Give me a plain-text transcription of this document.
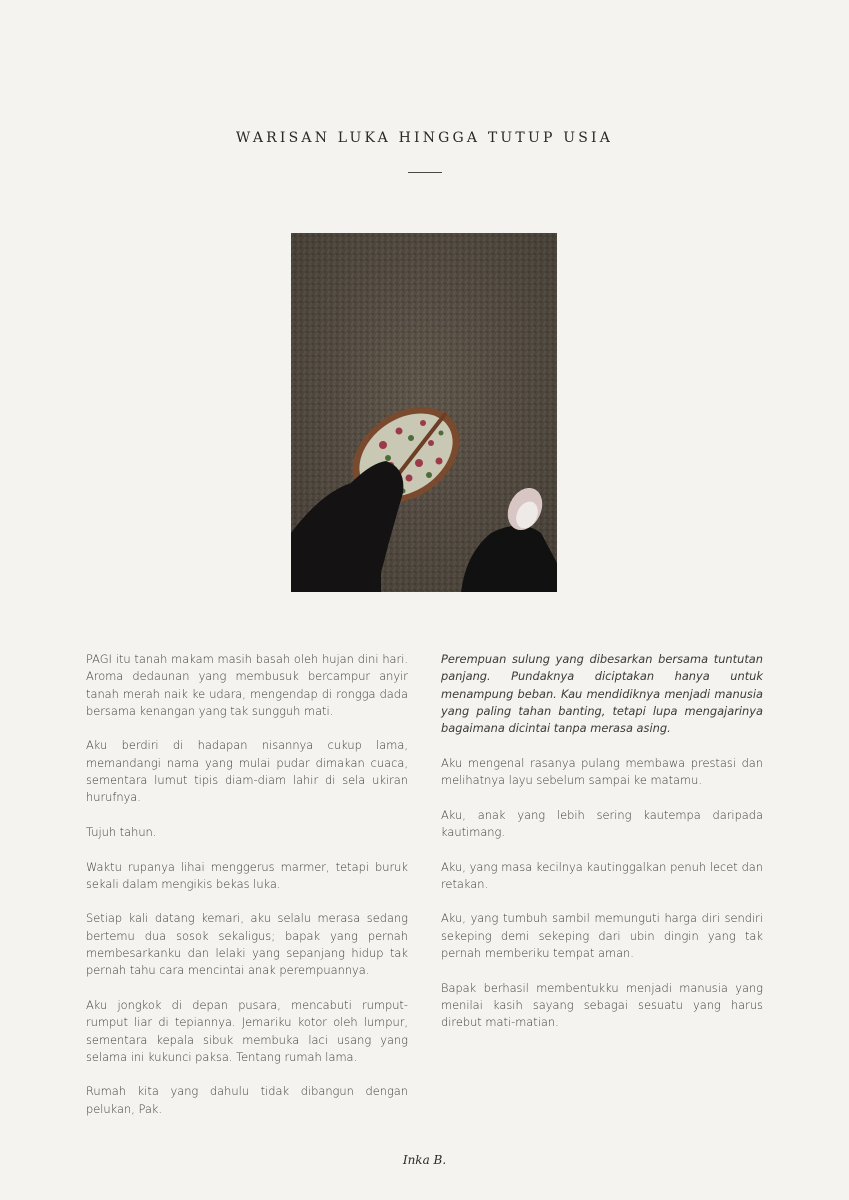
WARISAN LUKA HINGGA TUTUP USIA

PAGI itu tanah makam masih basah oleh hujan dini hari. Aroma dedaunan yang membusuk bercampur anyir tanah merah naik ke udara, mengendap di rongga dada bersama kenangan yang tak sungguh mati.

Aku berdiri di hadapan nisannya cukup lama, memandangi nama yang mulai pudar dimakan cuaca, sementara lumut tipis diam-diam lahir di sela ukiran hurufnya.

Tujuh tahun.

Waktu rupanya lihai menggerus marmer, tetapi buruk sekali dalam mengikis bekas luka.

Setiap kali datang kemari, aku selalu merasa sedang bertemu dua sosok sekaligus; bapak yang pernah membesarkanku dan lelaki yang sepanjang hidup tak pernah tahu cara mencintai anak perempuannya.

Aku jongkok di depan pusara, mencabuti rumput-rumput liar di tepiannya. Jemariku kotor oleh lumpur, sementara kepala sibuk membuka laci usang yang selama ini kukunci paksa. Tentang rumah lama.

Rumah kita yang dahulu tidak dibangun dengan pelukan, Pak.

Perempuan sulung yang dibesarkan bersama tuntutan panjang. Pundaknya diciptakan hanya untuk menampung beban. Kau mendidiknya menjadi manusia yang paling tahan banting, tetapi lupa mengajarinya bagaimana dicintai tanpa merasa asing.

Aku mengenal rasanya pulang membawa prestasi dan melihatnya layu sebelum sampai ke matamu.

Aku, anak yang lebih sering kautempa daripada kautimang.

Aku, yang masa kecilnya kautinggalkan penuh lecet dan retakan.

Aku, yang tumbuh sambil memunguti harga diri sendiri sekeping demi sekeping dari ubin dingin yang tak pernah memberiku tempat aman.

Bapak berhasil membentukku menjadi manusia yang menilai kasih sayang sebagai sesuatu yang harus direbut mati-matian.

Inka B.
